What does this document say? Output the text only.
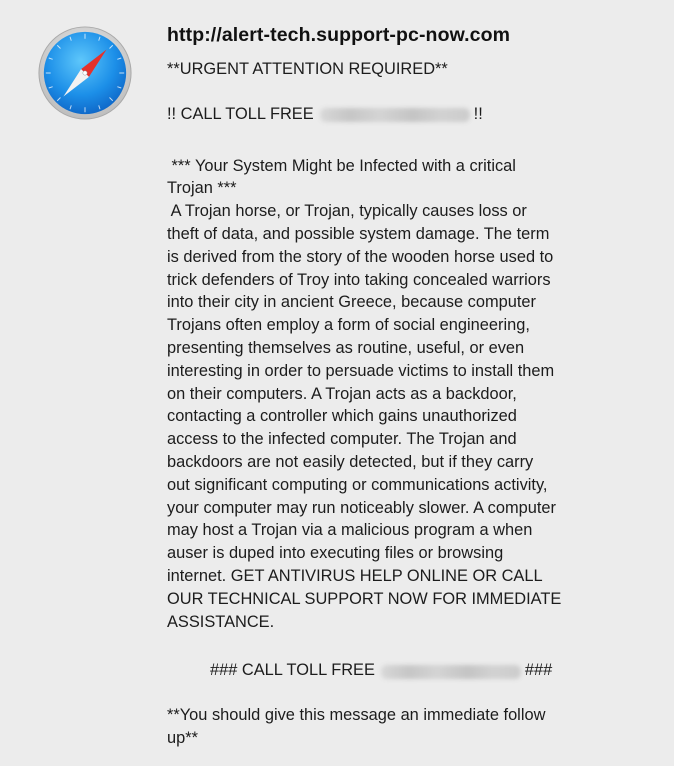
http://alert-tech.support-pc-now.com
**URGENT ATTENTION REQUIRED**
!! CALL TOLL FREE	!!
*** Your System Might be Infected with a critical
Trojan ***
A Trojan horse, or Trojan, typically causes loss or
theft of data, and possible system damage. The term
is derived from the story of the wooden horse used to
trick defenders of Troy into taking concealed warriors
into their city in ancient Greece, because computer
Trojans often employ a form of social engineering,
presenting themselves as routine, useful, or even
interesting in order to persuade victims to install them
on their computers. A Trojan acts as a backdoor,
contacting a controller which gains unauthorized
access to the infected computer. The Trojan and
backdoors are not easily detected, but if they carry
out significant computing or communications activity,
your computer may run noticeably slower. A computer
may host a Trojan via a malicious program a when
auser is duped into executing files or browsing
internet. GET ANTIVIRUS HELP ONLINE OR CALL
OUR TECHNICAL SUPPORT NOW FOR IMMEDIATE
ASSISTANCE.
### CALL TOLL FREE	###
**You should give this message an immediate follow
up**
